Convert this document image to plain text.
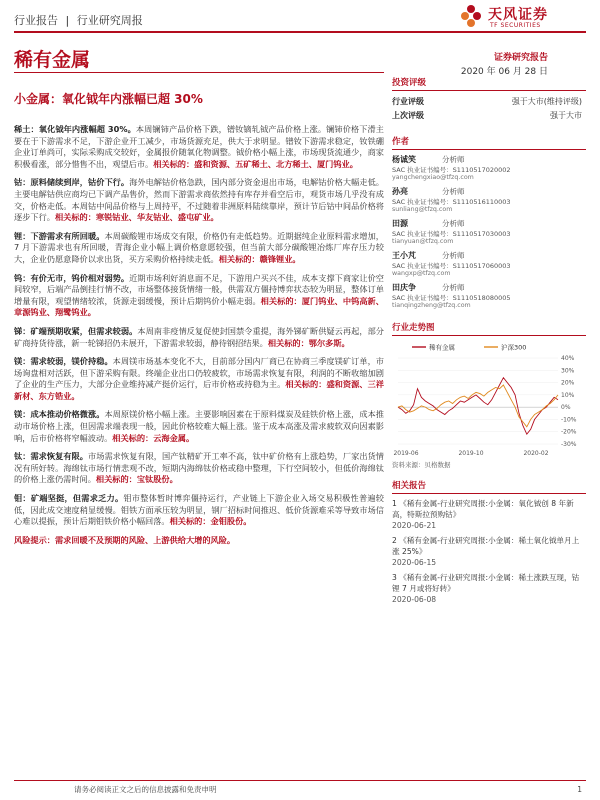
行业报告 | 行业研究周报	天风证券
TF SECURITIES
稀有金属	证券研究报告
2020 年 06 月 28 日
小金属：氧化钺年内涨幅已超 30%
稀土：氧化钺年内涨幅超 30%。本周镧铈产品价格下跌，镨钕镝轧钺产品价格上涨。镧铈价格下滑主要在于下游需求不足，下游企业开工减少，市场货源充足，供大于求明显。镨钕下游需求稳定，钕铁硼企业订单尚可，实际采购成交较好，金属报价随氧化物调整。钺价格小幅上涨，市场现货流通少，商家积极看涨，部分惜售不出，观望后市。相关标的：盛和资源、五矿稀土、北方稀土、厦门钨业。
钴：原料储续到岸，钴价下行。海外电解钴价格急跌，国内部分资金退出市场，电解钴价格大幅走低。主要电解钴供应商均已下调产品售价，然而下游需求商依然持有库存并看空后市，观货市场几乎没有成交，价格走低。本周钴中间品价格与上周持平，不过随着非洲原料陆续靠岸，预计节后钴中间品价格将逐步下行。相关标的：寒锐钴业、华友钴业、盛屯矿业。
锂：下游需求有所回暖。本周碳酸锂市场成交有限，价格仍有走低趋势。近期据纯企业原料需求增加，7 月下游需求也有所回暖，青海企业小幅上调价格意愿较强，但当前大部分碳酸锂冶炼厂库存压力较大，企业仍愿意降价以求出货，买方采购价格持续走低。相关标的：赣锋锂业。
钨：有价无市，钨价相对弱势。近期市场利好消息面不足，下游用户买兴不佳，成本支撑下商家让价空间较窄，后端产品倒挂行情不改，市场整体接货情绪一般，供需双方僵持博弈状态较为明显，整体订单增量有限，观望情绪较浓，货源走弱缓慢，预计后期钨价小幅走弱。相关标的：厦门钨业、中钨高新、章源钨业、翔鹭钨业。
锑：矿端预期收紧，但需求较弱。本周南非疫情反复促使封国禁令重提，海外锑矿断供疑云再起，部分矿商持货待涨，新一轮锑招仍未展开，下游需求较弱，静待钢招结果。相关标的：鄂尔多斯。
镁：需求较弱，镁价持稳。本周镁市场基本变化不大，目前部分国内厂商已在协商三季度镁矿订单，市场询盘相对活跃，但下游采购有限。终端企业出口仍较疲软，市场需求恢复有限，利润的不断收缩加剧了企业的生产压力，大部分企业维持减产挺价运行，后市价格或持稳为主。相关标的：盛和资源、三祥新材、东方锆业。
镁：成本推动价格微涨。本周原镁价格小幅上涨。主要影响因素在于原料煤炭及硅铁价格上涨，成本推动市场价格上涨，但因需求端表现一般，因此价格较难大幅上涨。鉴于成本高涨及需求疲软双向因素影响，后市价格将窄幅波动。相关标的：云海金属。
钛：需求恢复有限。市场需求恢复有限，国产钛精矿开工率不高，钛中矿价格有上涨趋势，厂家出货情况有所好转。海绵钛市场行情悲观不改，短期内海绵钛价格或稳中整理，下行空间较小，但低价海绵钛的价格上涨仍需时间。相关标的：宝钛股份。
钼：矿端坚挺，但需求乏力。钼市整体暂时博弈僵持运行，产业链上下游企业入场交易积极性普遍较低，因此成交速度稍显缓慢。钼铁方面承压较为明显，钢厂招标时间推迟、低价货源难采等导致市场信心难以提振，预计后期钼铁价格小幅回落。相关标的：金钼股份。
风险提示：需求回暖不及预期的风险、上游供给大增的风险。
投资评级
行业评级	强于大市(维持评级)
上次评级	强于大市
作者
杨诚笑	分析师
SAC 执业证书编号：S1110517020002
yangchengxiao@tfzq.com
孙亮	分析师
SAC 执业证书编号：S1110516110003
sunliang@tfzq.com
田源	分析师
SAC 执业证书编号：S1110517030003
tianyuan@tfzq.com
王小芃	分析师
SAC 执业证书编号：S1110517060003
wangxp@tfzq.com
田庆争	分析师
SAC 执业证书编号：S1110518080005
tianqingzheng@tfzq.com
行业走势图
40%
30%
20%
10%
0%
-10%
-20%
-30%
2019-06	2019-10	2020-02
稀有金属	沪深300
资料来源：贝格数据
相关报告
1 《稀有金属-行业研究周报:小金属：氧化钺创 8 年新高，特斯拉预购钴》
2020-06-21
2 《稀有金属-行业研究周报:小金属：稀土氧化钺单月上涨 25%》
2020-06-15
3 《稀有金属-行业研究周报:小金属：稀土涨跌互现，钴锂 7 月或将好转》
2020-06-08
请务必阅读正文之后的信息披露和免责申明	1
